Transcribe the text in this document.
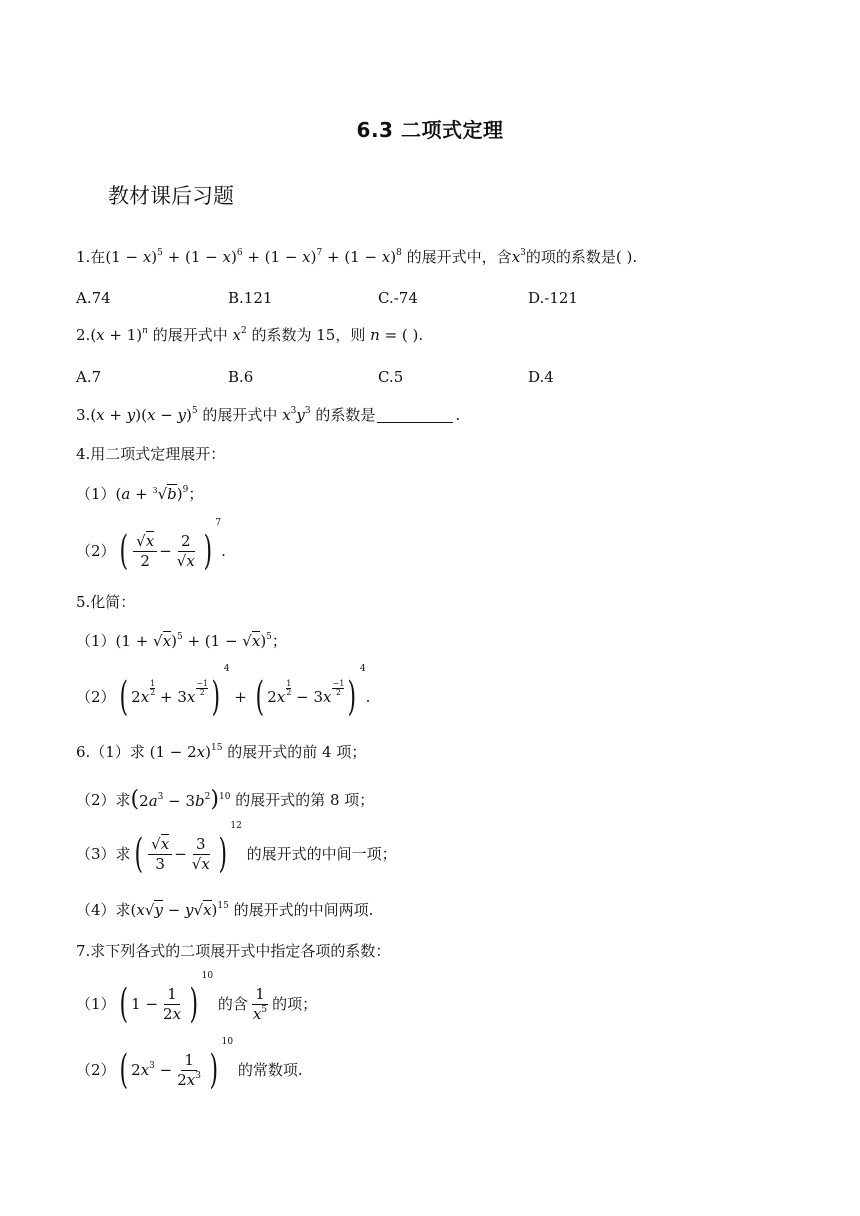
6.3 二项式定理
教材课后习题
1.在 $(1 - x)^5 + (1 - x)^6 + (1 - x)^7 + (1 - x)^8$ 的展开式中，含 $x^3$ 的项的系数是( ).
A.74	B.121	C.-74	D.-121
2. $(x + 1)^n$ 的展开式中 $x^2$ 的系数为 15，则 n = ( ).
A.7	B.6	C.5	D.4
3. $(x + y)(x - y)^5$ 的展开式中 $x^3y^3$ 的系数是	.
4.用二项式定理展开：
（1） $(a + ^3√b)^9$ ；
（2） ( $\frac{√x}{2} - \frac{2}{√x}$ )
7
.
5.化简：
（1） $(1 + √x)^5 + (1 - √x)^5$ ；
（2） ( $2x \frac{1}{2} + 3x \frac{-1}{2}$ )
4
+ ( $2x \frac{1}{2} - 3x \frac{-1}{2}$ )
4
.
6.（1）求 $(1 - 2x)^{15}$ 的展开式的前 4 项；
（2）求 $(2a^3 - 3b^2)^{10}$ 的展开式的第 8 项；
（3）求 ( $\frac{√x}{3} - \frac{3}{√x}$ )
12

的展开式的中间一项；
（4）求 $(x√y - y√x)^{15}$ 的展开式的中间两项.
7.求下列各式的二项展开式中指定各项的系数：
（1） ( $1 - \frac{1}{2x}$ )
10

的含 $\frac{1}{x^5}$ 的项；
（2） ( $2x^3 - \frac{1}{2x^3}$ )
10

的常数项.
